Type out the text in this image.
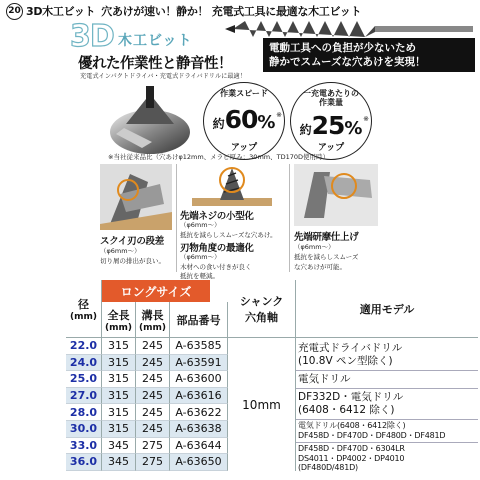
20 3D木工ビット 穴あけが速い！静か！ 充電式工具に最適な木工ビット
3D 木工ビット
優れた作業性と静音性！
充電式インパクトドライバ・充電式ドライバドリルに最適！
電動工具への負担が少ないため
静かでスムーズな穴あけを実現！
作業スピード
約60% ※
アップ
一充電あたりの
作業量
約25% ※
アップ
※当社従来品比（穴あけφ12mm、メラピ厚み：30mm、TD170D使用時）
スクイ刃の段差
（φ6mm〜）
切り屑の排出が良い。
先端ネジの小型化
（φ6mm〜）
抵抗を減らしスムーズな穴あけ。
刃物角度の最適化
（φ6mm〜）
木材への食い付きが良く
抵抗を軽減。
先端研摩仕上げ
（φ6mm〜）
抵抗を減らしスムーズ
な穴あけが可能。
径
(mm)
ロングサイズ
全長
(mm)
溝長
(mm)
部品番号
シャンク
六角軸
適用モデル
22.0 315	245	A-63585
24.0 315	245	A-63591
25.0 315	245	A-63600
27.0 315	245	A-63616
28.0 315	245	A-63622
30.0 315	245	A-63638
33.0 345	275	A-63644
36.0 345	275	A-63650
10mm
充電式ドライバドリル
(10.8V ペン型除く)
電気ドリル
DF332D・電気ドリル
(6408・6412 除く)
電気ドリル(6408・6412除く)
DF458D・DF470D・DF480D・DF481D
DF458D・DF470D・6304LR
DS4011・DP4002・DP4010
(DF480D/481D)
